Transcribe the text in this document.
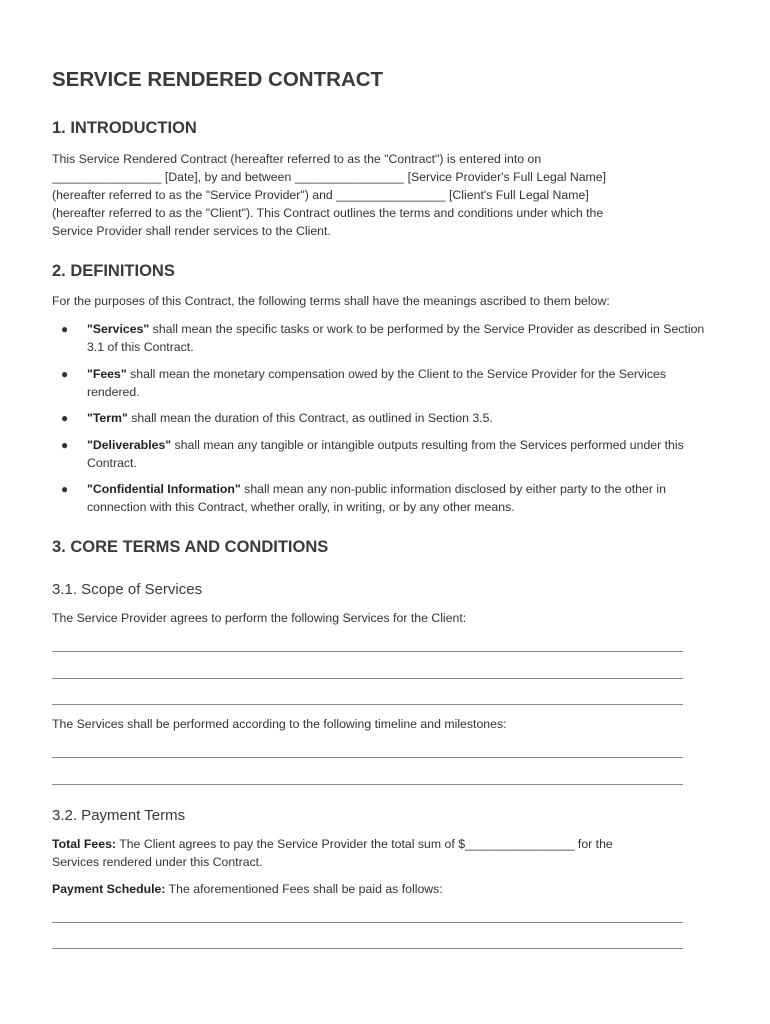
SERVICE RENDERED CONTRACT
1. INTRODUCTION

This Service Rendered Contract (hereafter referred to as the "Contract") is entered into on

________________ [Date], by and between ________________ [Service Provider's Full Legal Name]

(hereafter referred to as the "Service Provider") and ________________ [Client's Full Legal Name]

(hereafter referred to as the "Client"). This Contract outlines the terms and conditions under which the

Service Provider shall render services to the Client.

2. DEFINITIONS
For the purposes of this Contract, the following terms shall have the meanings ascribed to them below:
● "Services" shall mean the specific tasks or work to be performed by the Service Provider as described in Section 3.1 of this Contract.
● "Fees" shall mean the monetary compensation owed by the Client to the Service Provider for the Services rendered.
● "Term" shall mean the duration of this Contract, as outlined in Section 3.5.
● "Deliverables" shall mean any tangible or intangible outputs resulting from the Services performed under this Contract.
● "Confidential Information" shall mean any non-public information disclosed by either party to the other in connection with this Contract, whether orally, in writing, or by any other means.
3. CORE TERMS AND CONDITIONS
3.1. Scope of Services
The Service Provider agrees to perform the following Services for the Client:
The Services shall be performed according to the following timeline and milestones:
3.2. Payment Terms
Total Fees: The Client agrees to pay the Service Provider the total sum of $________________ for the
Services rendered under this Contract.
Payment Schedule: The aforementioned Fees shall be paid as follows:
